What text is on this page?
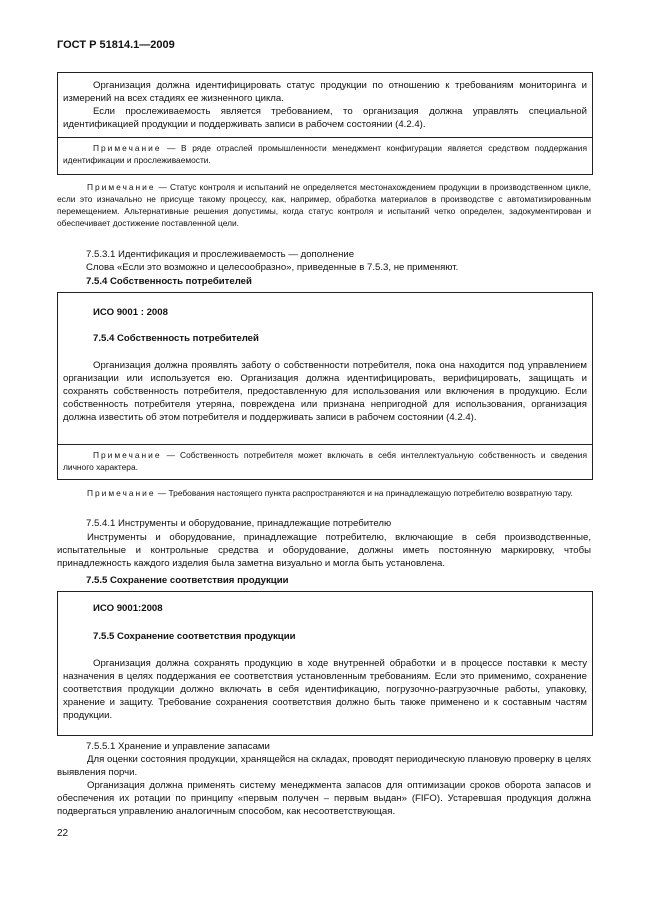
ГОСТ Р 51814.1—2009

Организация должна идентифицировать статус продукции по отношению к требованиям мониторинга и измерений на всех стадиях ее жизненного цикла.

Если прослеживаемость является требованием, то организация должна управлять специальной идентификацией продукции и поддерживать записи в рабочем состоянии (4.2.4).

Примечание — В ряде отраслей промышленности менеджмент конфигурации является средством поддержания идентификации и прослеживаемости.

Примечание — Статус контроля и испытаний не определяется местонахождением продукции в производственном цикле, если это изначально не присуще такому процессу, как, например, обработка материалов в производстве с автоматизированным перемещением. Альтернативные решения допустимы, когда статус контроля и испытаний четко определен, задокументирован и обеспечивает достижение поставленной цели.

7.5.3.1 Идентификация и прослеживаемость — дополнение

Слова «Если это возможно и целесообразно», приведенные в 7.5.3, не применяют.

7.5.4 Собственность потребителей

ИСО 9001 : 2008

7.5.4 Собственность потребителей

Организация должна проявлять заботу о собственности потребителя, пока она находится под управлением организации или используется ею. Организация должна идентифицировать, верифицировать, защищать и сохранять собственность потребителя, предоставленную для использования или включения в продукцию. Если собственность потребителя утеряна, повреждена или признана непригодной для использования, организация должна известить об этом потребителя и поддерживать записи в рабочем состоянии (4.2.4).

Примечание — Собственность потребителя может включать в себя интеллектуальную собственность и сведения личного характера.

Примечание — Требования настоящего пункта распространяются и на принадлежащую потребителю возвратную тару.

7.5.4.1 Инструменты и оборудование, принадлежащие потребителю

Инструменты и оборудование, принадлежащие потребителю, включающие в себя производственные, испытательные и контрольные средства и оборудование, должны иметь постоянную маркировку, чтобы принадлежность каждого изделия была заметна визуально и могла быть установлена.

7.5.5 Сохранение соответствия продукции

ИСО 9001:2008

7.5.5 Сохранение соответствия продукции

Организация должна сохранять продукцию в ходе внутренней обработки и в процессе поставки к месту назначения в целях поддержания ее соответствия установленным требованиям. Если это применимо, сохранение соответствия продукции должно включать в себя идентификацию, погрузочно-разгрузочные работы, упаковку, хранение и защиту. Требование сохранения соответствия должно быть также применено и к составным частям продукции.

7.5.5.1 Хранение и управление запасами

Для оценки состояния продукции, хранящейся на складах, проводят периодическую плановую проверку в целях выявления порчи.

Организация должна применять систему менеджмента запасов для оптимизации сроков оборота запасов и обеспечения их ротации по принципу «первым получен – первым выдан» (FIFO). Устаревшая продукция должна подвергаться управлению аналогичным способом, как несоответствующая.

22
